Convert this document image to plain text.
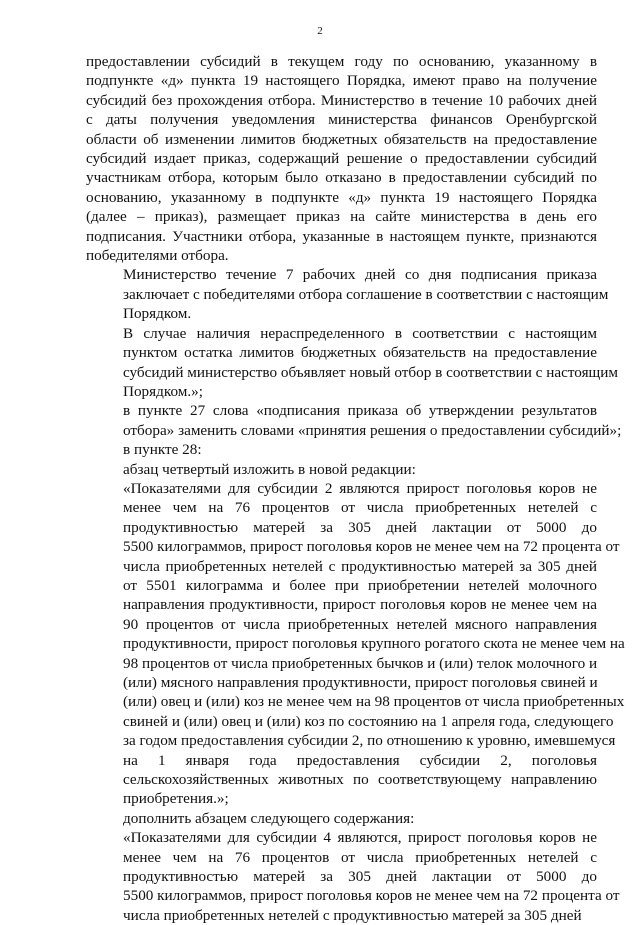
2

предоставлении субсидий в текущем году по основанию, указанному в
подпункте «д» пункта 19 настоящего Порядка, имеют право на получение
субсидий без прохождения отбора. Министерство в течение 10 рабочих дней
с даты получения уведомления министерства финансов Оренбургской
области об изменении лимитов бюджетных обязательств на предоставление
субсидий издает приказ, содержащий решение о предоставлении субсидий
участникам отбора, которым было отказано в предоставлении субсидий по
основанию, указанному в подпункте «д» пункта 19 настоящего Порядка
(далее – приказ), размещает приказ на сайте министерства в день его
подписания. Участники отбора, указанные в настоящем пункте, признаются
победителями отбора.

Министерство течение 7 рабочих дней со дня подписания приказа
заключает с победителями отбора соглашение в соответствии с настоящим
Порядком.

В случае наличия нераспределенного в соответствии с настоящим
пунктом остатка лимитов бюджетных обязательств на предоставление
субсидий министерство объявляет новый отбор в соответствии с настоящим
Порядком.»;

в пункте 27 слова «подписания приказа об утверждении результатов
отбора» заменить словами «принятия решения о предоставлении субсидий»;

в пункте 28:

абзац четвертый изложить в новой редакции:

«Показателями для субсидии 2 являются прирост поголовья коров не
менее чем на 76 процентов от числа приобретенных нетелей с
продуктивностью матерей за 305 дней лактации от 5000 до
5500 килограммов, прирост поголовья коров не менее чем на 72 процента от
числа приобретенных нетелей с продуктивностью матерей за 305 дней
от 5501 килограмма и более при приобретении нетелей молочного
направления продуктивности, прирост поголовья коров не менее чем на
90 процентов от числа приобретенных нетелей мясного направления
продуктивности, прирост поголовья крупного рогатого скота не менее чем на
98 процентов от числа приобретенных бычков и (или) телок молочного и
(или) мясного направления продуктивности, прирост поголовья свиней и
(или) овец и (или) коз не менее чем на 98 процентов от числа приобретенных
свиней и (или) овец и (или) коз по состоянию на 1 апреля года, следующего
за годом предоставления субсидии 2, по отношению к уровню, имевшемуся
на 1 января года предоставления субсидии 2, поголовья
сельскохозяйственных животных по соответствующему направлению
приобретения.»;

дополнить абзацем следующего содержания:

«Показателями для субсидии 4 являются, прирост поголовья коров не
менее чем на 76 процентов от числа приобретенных нетелей с
продуктивностью матерей за 305 дней лактации от 5000 до
5500 килограммов, прирост поголовья коров не менее чем на 72 процента от
числа приобретенных нетелей с продуктивностью матерей за 305 дней
